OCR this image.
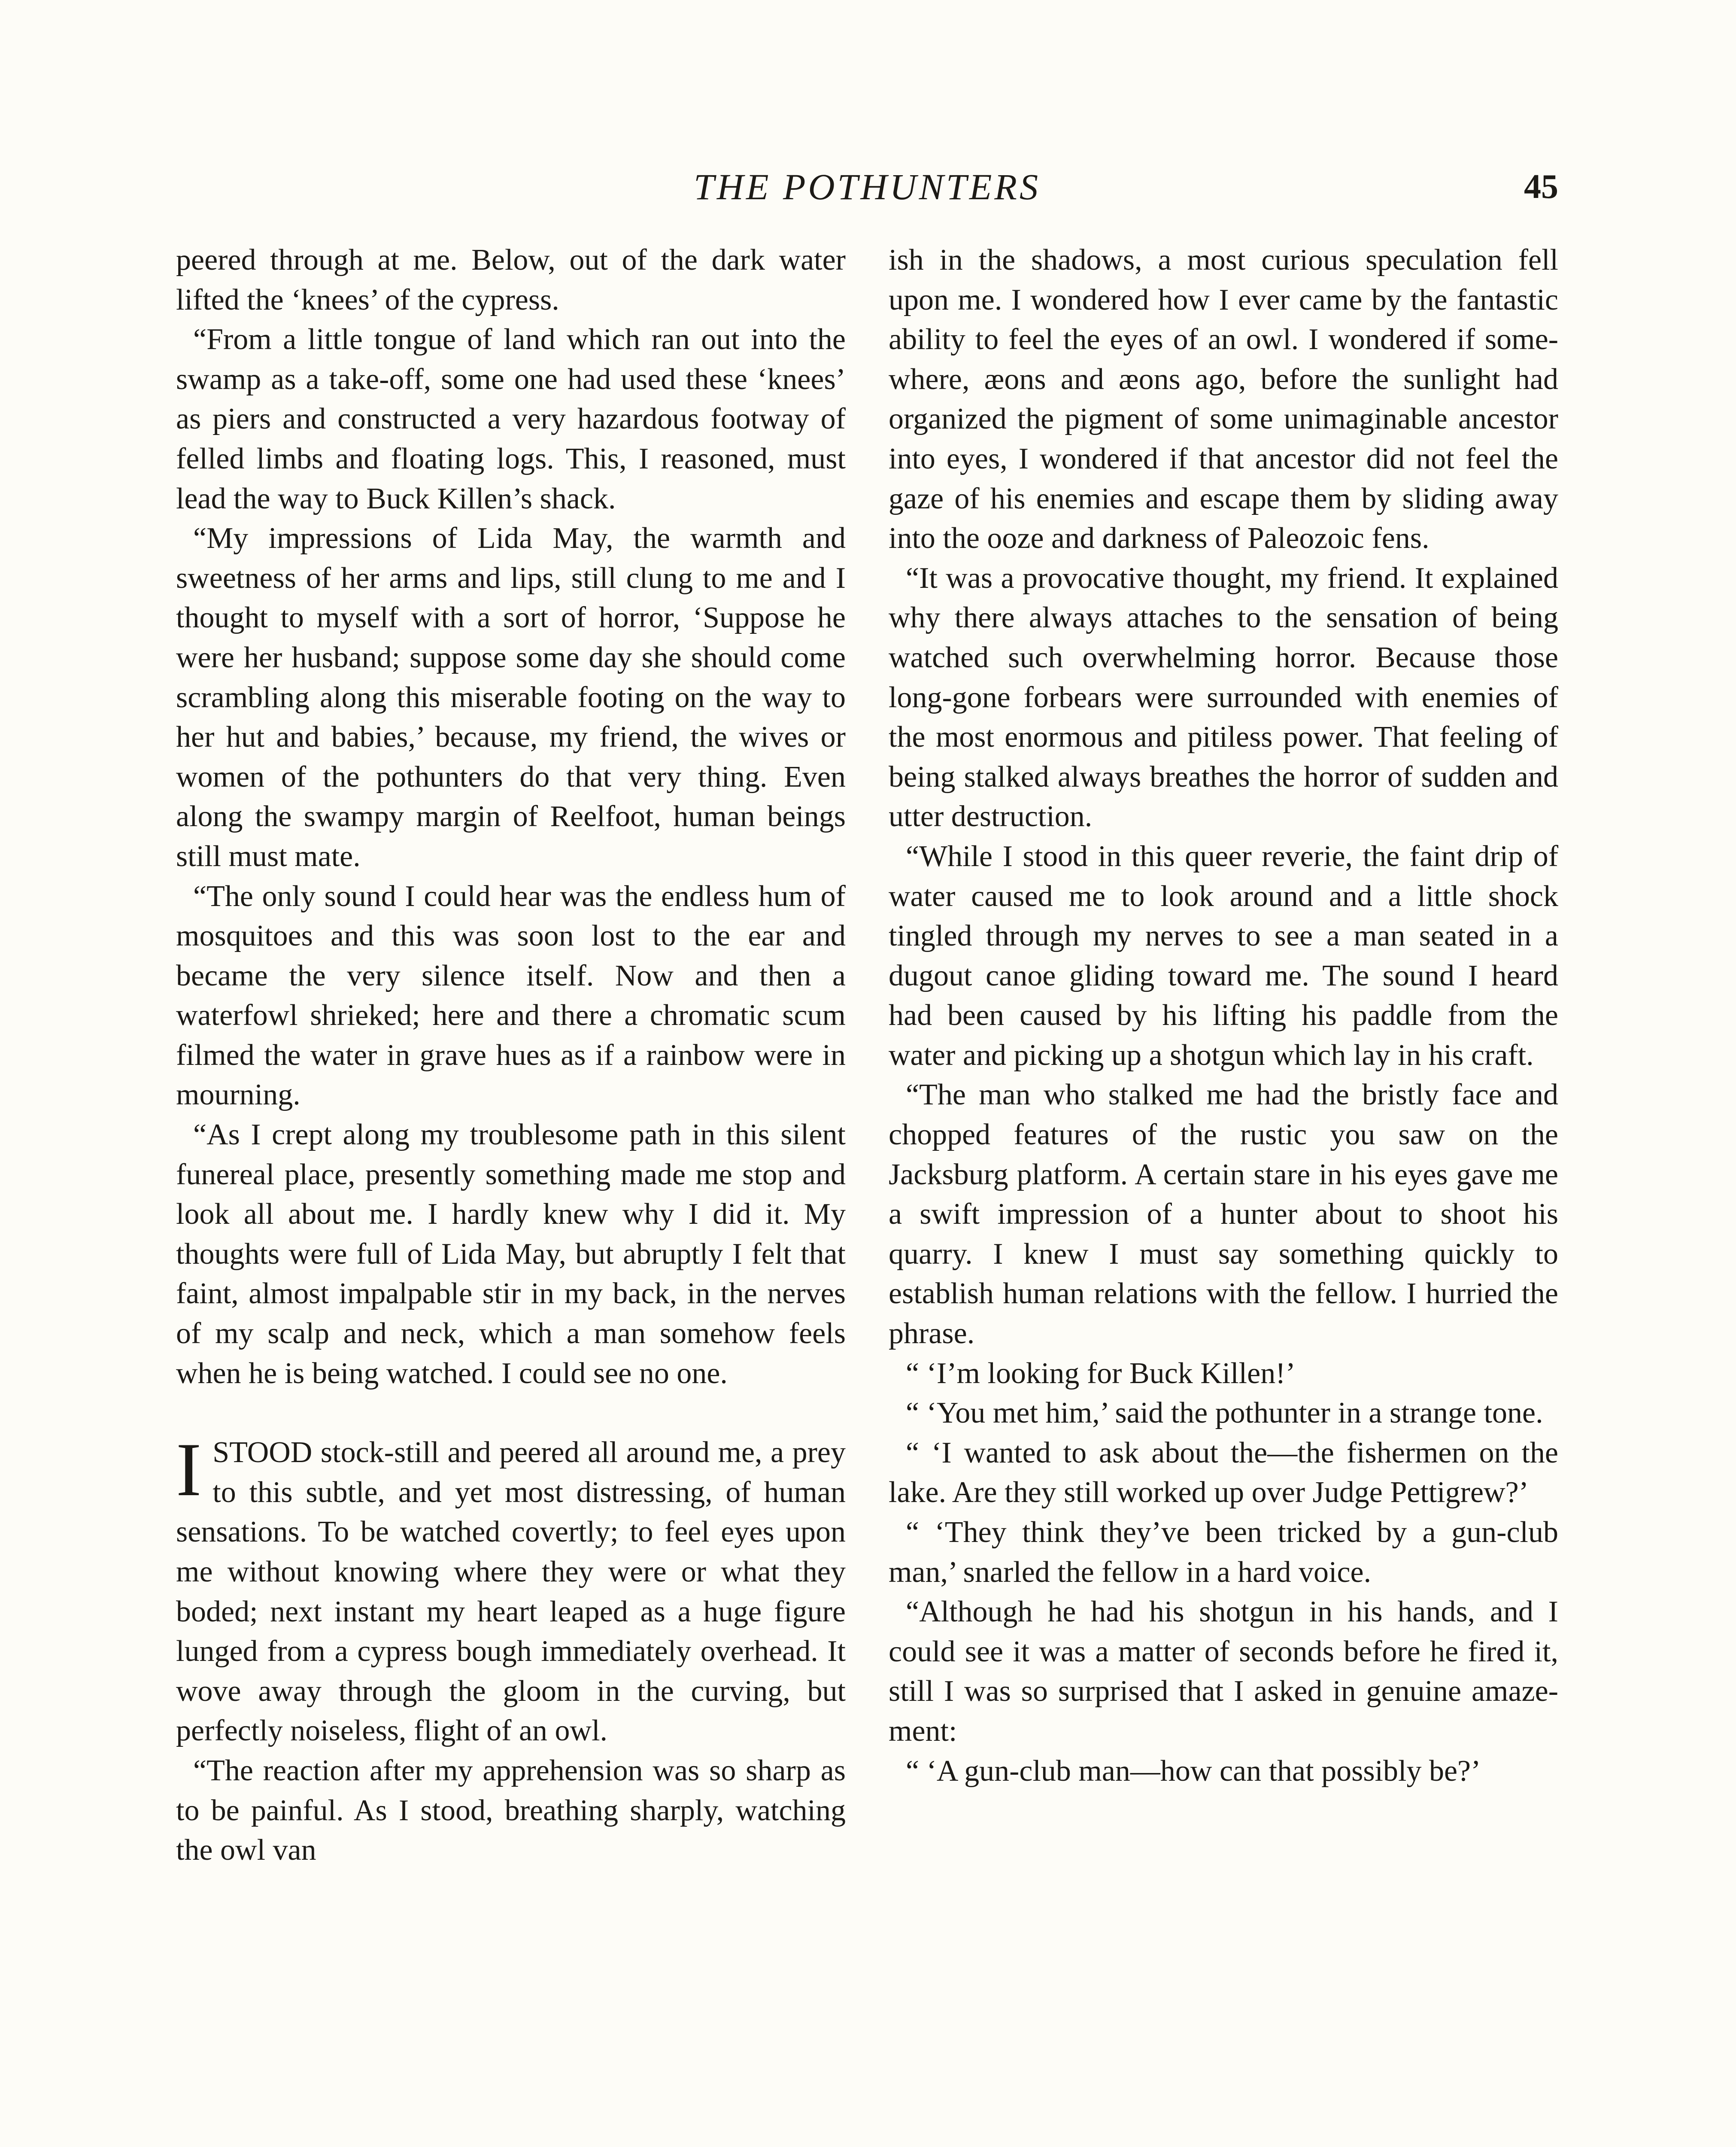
THE POTHUNTERS	45

peered through at me. Below, out of the dark water lifted the ‘knees’ of the cypress.

“From a little tongue of land which ran out into the swamp as a take-off, some one had used these ‘knees’ as piers and constructed a very hazardous footway of felled limbs and floating logs. This, I reasoned, must lead the way to Buck Killen’s shack.

“My impressions of Lida May, the warmth and sweetness of her arms and lips, still clung to me and I thought to myself with a sort of horror, ‘Suppose he were her husband; suppose some day she should come scrambling along this miserable footing on the way to her hut and babies,’ because, my friend, the wives or women of the pothunters do that very thing. Even along the swampy margin of Reelfoot, human beings still must mate.

“The only sound I could hear was the endless hum of mosquitoes and this was soon lost to the ear and became the very silence itself. Now and then a waterfowl shrieked; here and there a chromatic scum filmed the water in grave hues as if a rainbow were in mourning.

“As I crept along my troublesome path in this silent funereal place, presently something made me stop and look all about me. I hardly knew why I did it. My thoughts were full of Lida May, but abruptly I felt that faint, almost impalpable stir in my back, in the nerves of my scalp and neck, which a man somehow feels when he is being watched. I could see no one.

ISTOOD stock-still and peered all around me, a prey to this subtle, and yet most distressing, of human sensations. To be watched covertly; to feel eyes upon me without knowing where they were or what they boded; next instant my heart leaped as a huge figure lunged from a cypress bough immediately overhead. It wove away through the gloom in the curving, but perfectly noiseless, flight of an owl.

“The reaction after my apprehension was so sharp as to be painful. As I stood, breathing sharply, watching the owl van

ish in the shadows, a most curious speculation fell upon me. I wondered how I ever came by the fantastic ability to feel the eyes of an owl. I wondered if somewhere, æons and æons ago, before the sunlight had organized the pigment of some unimaginable ancestor into eyes, I wondered if that ancestor did not feel the gaze of his enemies and escape them by sliding away into the ooze and darkness of Paleozoic fens.

“It was a provocative thought, my friend. It explained why there always attaches to the sensation of being watched such overwhelming horror. Because those long-gone forbears were surrounded with enemies of the most enormous and pitiless power. That feeling of being stalked always breathes the horror of sudden and utter destruction.

“While I stood in this queer reverie, the faint drip of water caused me to look around and a little shock tingled through my nerves to see a man seated in a dugout canoe gliding toward me. The sound I heard had been caused by his lifting his paddle from the water and picking up a shotgun which lay in his craft.

“The man who stalked me had the bristly face and chopped features of the rustic you saw on the Jacksburg platform. A certain stare in his eyes gave me a swift impression of a hunter about to shoot his quarry. I knew I must say something quickly to establish human relations with the fellow. I hurried the phrase.

“ ‘I’m looking for Buck Killen!’

“ ‘You met him,’ said the pothunter in a strange tone.

“ ‘I wanted to ask about the—the fishermen on the lake. Are they still worked up over Judge Pettigrew?’

“ ‘They think they’ve been tricked by a gun-club man,’ snarled the fellow in a hard voice.

“Although he had his shotgun in his hands, and I could see it was a matter of seconds before he fired it, still I was so surprised that I asked in genuine amazement:

“ ‘A gun-club man—how can that possibly be?’
